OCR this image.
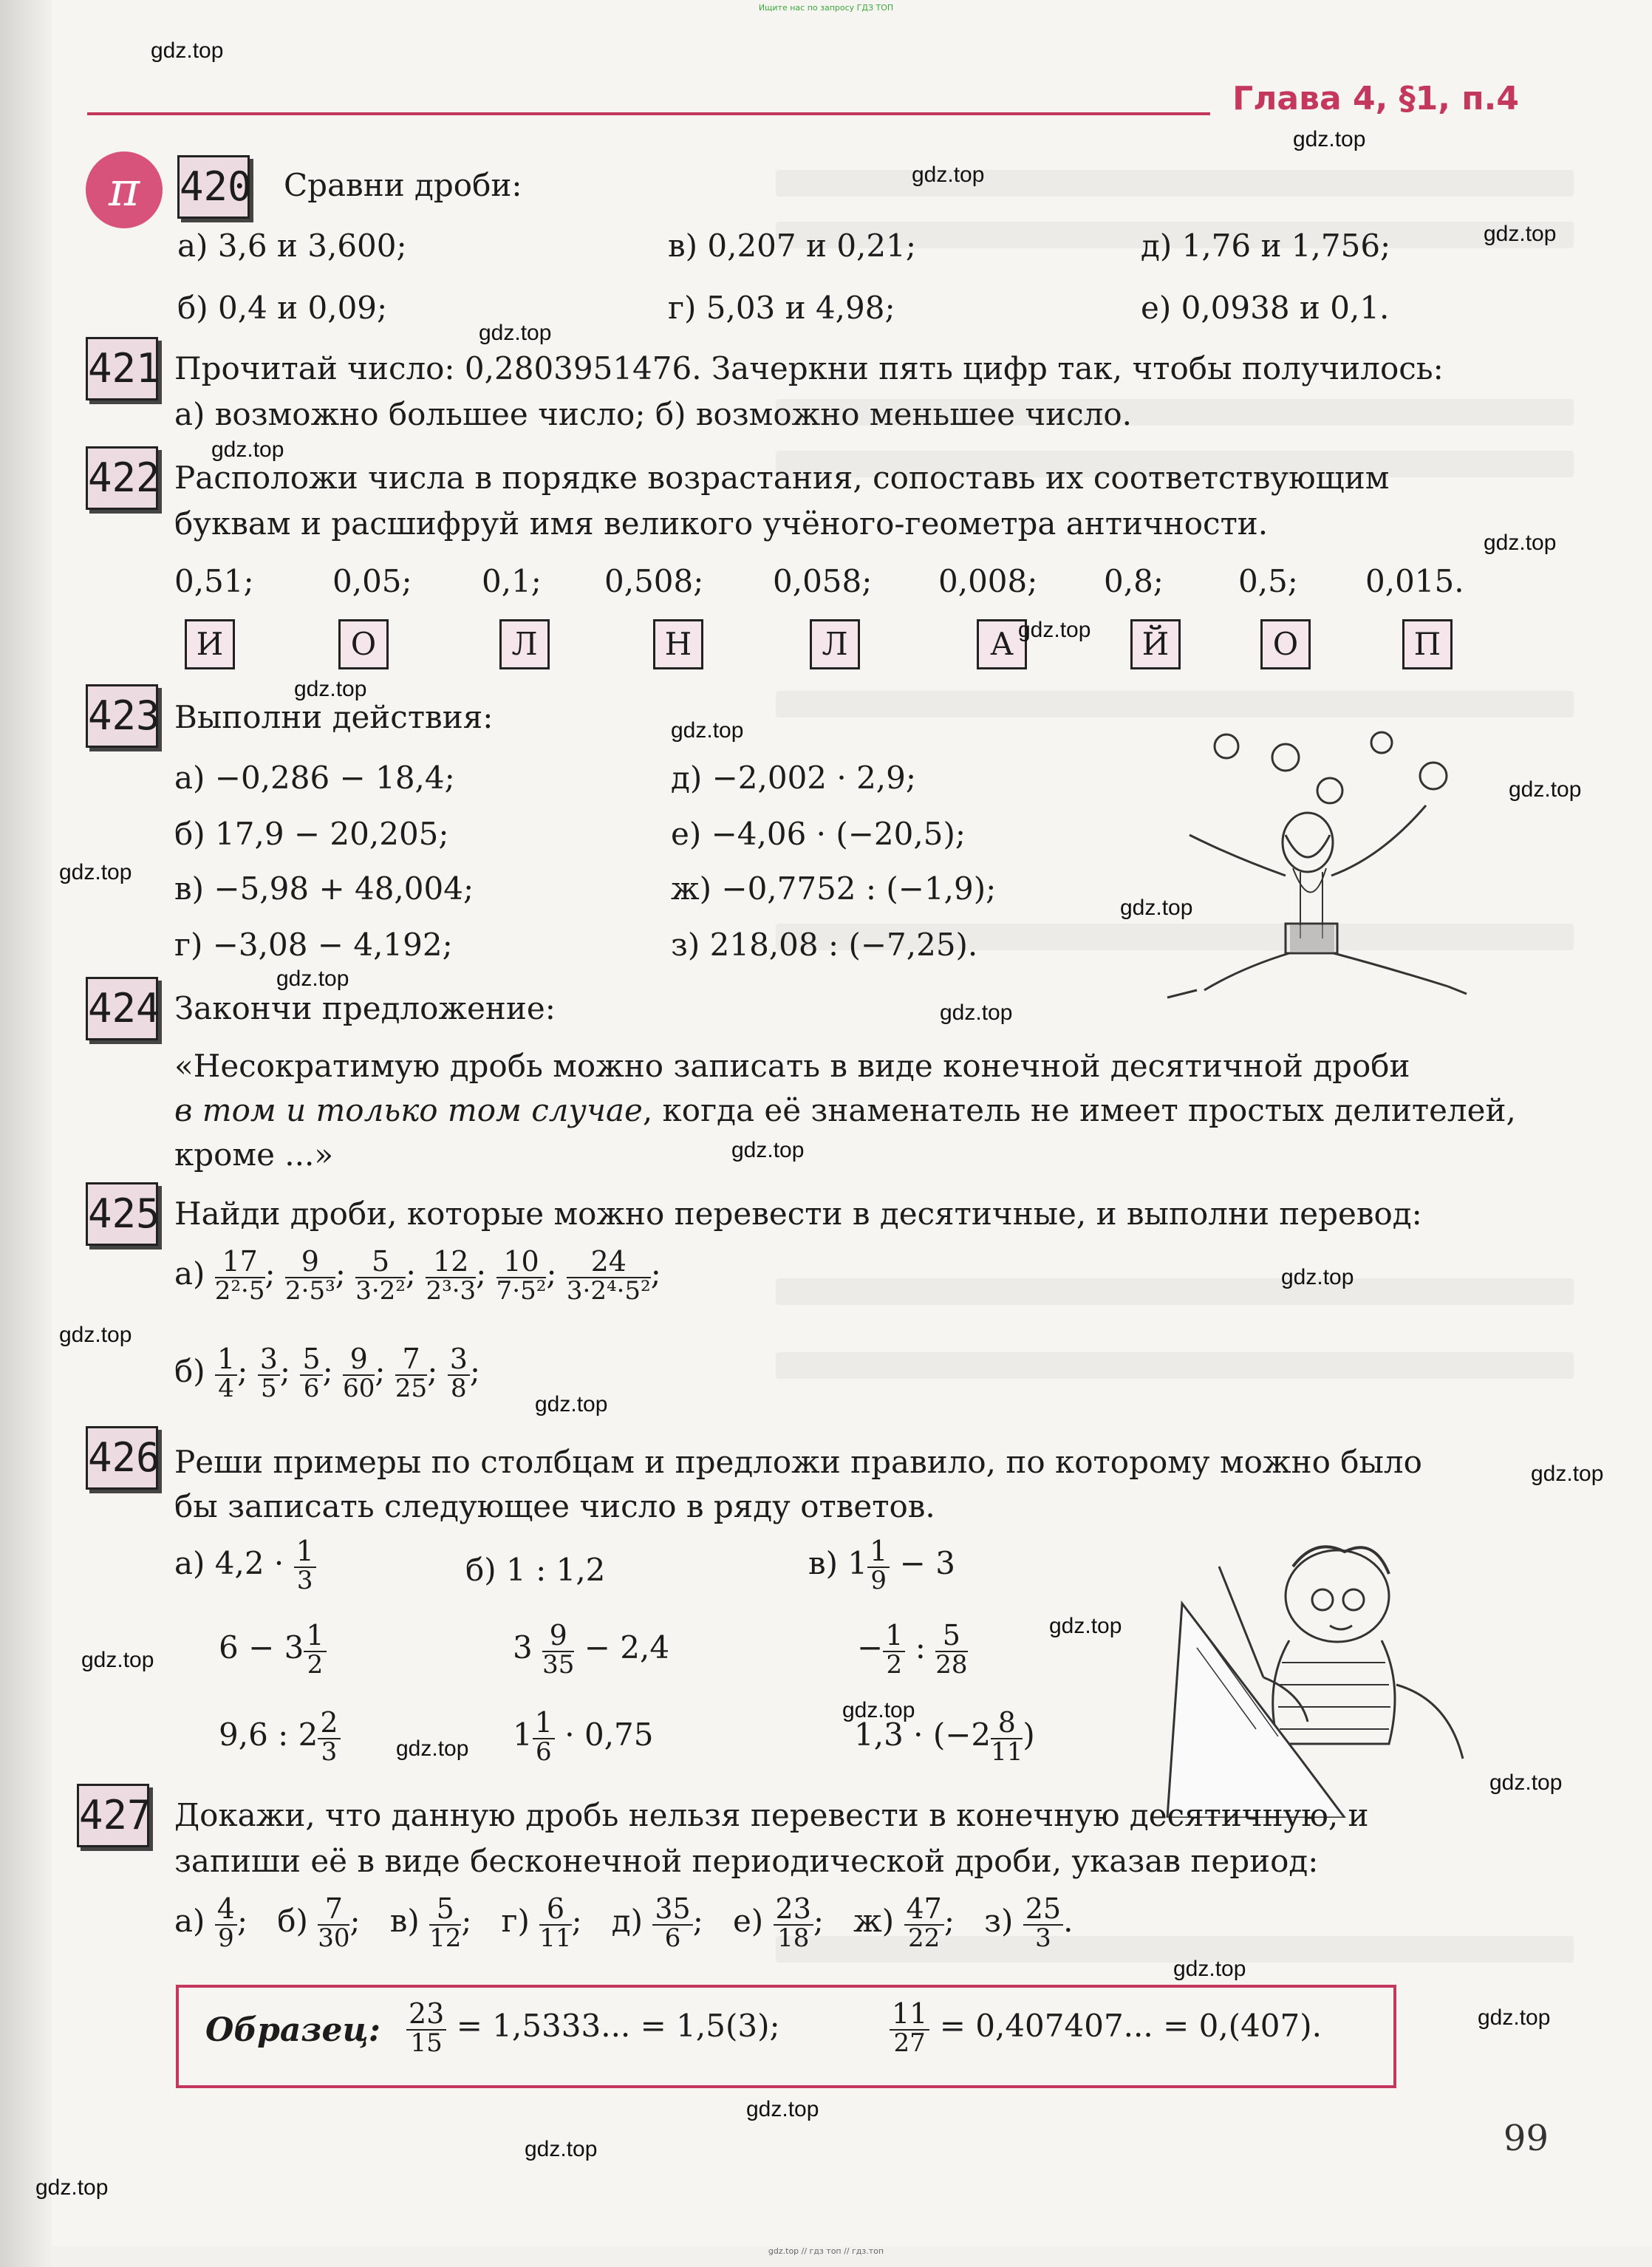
Ищите нас по запросу ГДЗ ТОП
Глава 4, §1, п.4
π 420 Сравни дроби:
а) 3,6 и 3,600;	в) 0,207 и 0,21;	д) 1,76 и 1,756;
б) 0,4 и 0,09;	г) 5,03 и 4,98;	е) 0,0938 и 0,1.
421 Прочитай число: 0,2803951476. Зачеркни пять цифр так, чтобы получилось:
а) возможно большее число; б) возможно меньшее число.
422 Расположи числа в порядке возрастания, сопоставь их соответствующим
буквам и расшифруй имя великого учёного-геометра античности.
0,51;	0,05; 0,1; 0,508; 0,058; 0,008; 0,8; 0,5; 0,015.
И	О	Л	Н	Л	А	Й	О	П
423 Выполни действия:
а) −0,286 − 18,4;	д) −2,002 · 2,9;
б) 17,9 − 20,205;	е) −4,06 · (−20,5);
в) −5,98 + 48,004;	ж) −0,7752 : (−1,9);
г) −3,08 − 4,192;	з) 218,08 : (−7,25).
424 Закончи предложение:
«Несократимую дробь можно записать в виде конечной десятичной дроби
в том и только том случае, когда её знаменатель не имеет простых делителей,
кроме ...»
425 Найди дроби, которые можно перевести в десятичные, и выполни перевод:
$а) \frac{17}{\text{2²·5}}$ ; $\frac{9}{\text{2·5³}}$ ; $\frac{5}{\text{3·2²}}$ ; $\frac{12}{\text{2³·3}}$ ; $\frac{10}{\text{7·5²}}$ ; $\frac{24}{\text{3·2⁴·5²}}$ ;
$б) \frac{1}{4}$ ; $\frac{3}{5}$ ; $\frac{5}{6}$ ; $\frac{9}{60}$ ; $\frac{7}{25}$ ; $\frac{3}{8}$ ;
426 Реши примеры по столбцам и предложи правило, по которому можно было
бы записать следующее число в ряду ответов.
а) $4,2 \cdot \frac{1}{3}$	б) 1 : 1,2	в) $1 \frac{1}{9} - 3$
$6 - 3 \frac{1}{2}$	$3 \frac{9}{35} - 2,4$	− $\frac{1}{2}$ : $\frac{5}{28}$
9,6 : $2 \frac{2}{3}$	$1 \frac{1}{6} \cdot 0,75$	$1,3 \cdot (-2 \frac{8}{11}$ )
427 Докажи, что данную дробь нельзя перевести в конечную десятичную, и
запиши её в виде бесконечной периодической дроби, указав период:
$а) \frac{4}{9}$ ;   $б) \frac{7}{30}$ ;   $в) \frac{5}{12}$ ;   $г) \frac{6}{11}$ ;   $д) \frac{35}{6}$ ;   $е) \frac{23}{18}$ ;   $ж) \frac{47}{22}$ ;   $з) \frac{25}{3}$ .
Образец: $\frac{23}{15} = 1,5333$... = 1,5(3);	$\frac{11}{27} = 0,407407$... = 0,(407).
99
gdz.top
gdz.top
gdz.top
gdz.top
gdz.top
gdz.top
gdz.top
gdz.top
gdz.top
gdz.top
gdz.top
gdz.top
gdz.top
gdz.top
gdz.top
gdz.top
gdz.top
gdz.top
gdz.top
gdz.top
gdz.top
gdz.top
gdz.top
gdz.top
gdz.top
gdz.top
gdz.top
gdz.top
gdz.top
gdz.top
gdz.top // гдз топ // гдз.топ
